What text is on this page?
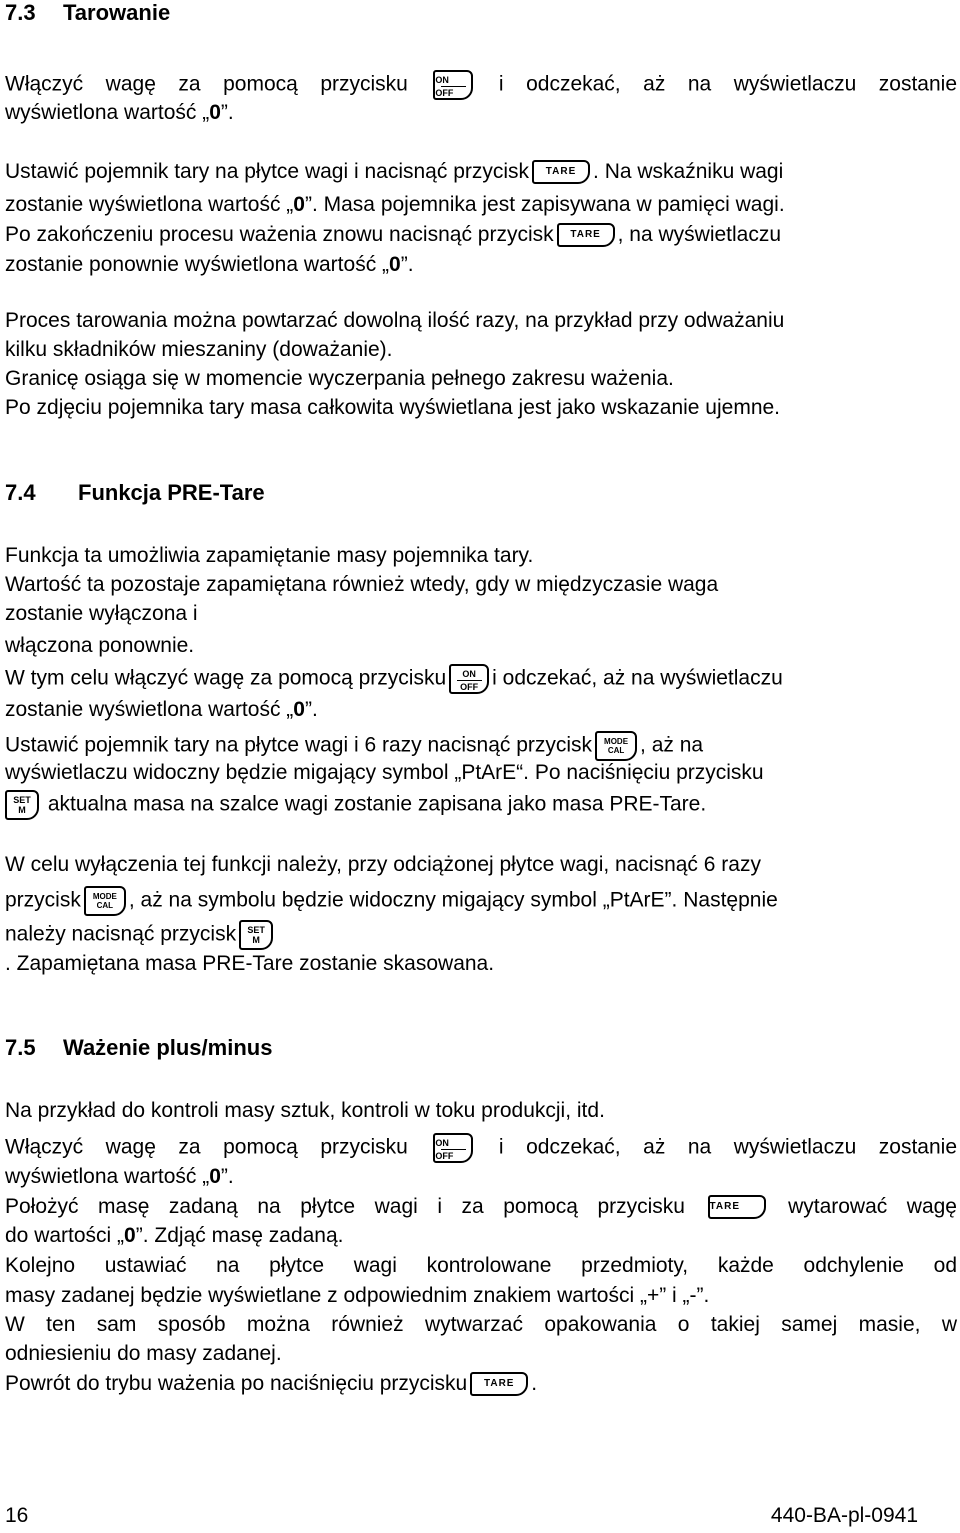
7.3 Tarowanie
Włączyć wagę za pomocą przycisku	ON
OFF i odczekać, aż na wyświetlaczu zostanie
wyświetlona wartość „0”.
Ustawić pojemnik tary na płytce wagi i nacisnąć przycisk TARE . Na wskaźniku wagi
zostanie wyświetlona wartość „0”. Masa pojemnika jest zapisywana w pamięci wagi.
Po zakończeniu procesu ważenia znowu nacisnąć przycisk TARE , na wyświetlaczu
zostanie ponownie wyświetlona wartość „0”.
Proces tarowania można powtarzać dowolną ilość razy, na przykład przy odważaniu
kilku składników mieszaniny (doważanie).
Granicę osiąga się w momencie wyczerpania pełnego zakresu ważenia.
Po zdjęciu pojemnika tary masa całkowita wyświetlana jest jako wskazanie ujemne.
7.4 Funkcja PRE-Tare
Funkcja ta umożliwia zapamiętanie masy pojemnika tary.
Wartość ta pozostaje zapamiętana również wtedy, gdy w międzyczasie waga
zostanie wyłączona i
włączona ponownie.
W tym celu włączyć wagę za pomocą przycisku ON
OFF i odczekać, aż na wyświetlaczu
zostanie wyświetlona wartość „0”.
Ustawić pojemnik tary na płytce wagi i 6 razy nacisnąć przycisk MODE
CAL , aż na
wyświetlaczu widoczny będzie migający symbol „PtArE“. Po naciśnięciu przycisku
SET
M aktualna masa na szalce wagi zostanie zapisana jako masa PRE-Tare.
W celu wyłączenia tej funkcji należy, przy odciążonej płytce wagi, nacisnąć 6 razy
przycisk MODE
CAL , aż na symbolu będzie widoczny migający symbol „PtArE”. Następnie
należy nacisnąć przycisk SET
M
. Zapamiętana masa PRE-Tare zostanie skasowana.
7.5 Ważenie plus/minus
Na przykład do kontroli masy sztuk, kontroli w toku produkcji, itd.
Włączyć wagę za pomocą przycisku	ON
OFF i odczekać, aż na wyświetlaczu zostanie
wyświetlona wartość „0”.
Położyć masę zadaną na płytce wagi i za pomocą przycisku TARE wytarować wagę
do wartości „0”. Zdjąć masę zadaną.
Kolejno ustawiać na płytce wagi kontrolowane przedmioty, każde odchylenie od
masy zadanej będzie wyświetlane z odpowiednim znakiem wartości „+” i „-”.
W ten sam sposób można również wytwarzać opakowania o takiej samej masie, w
odniesieniu do masy zadanej.
Powrót do trybu ważenia po naciśnięciu przycisku TARE .
16	440-BA-pl-0941
